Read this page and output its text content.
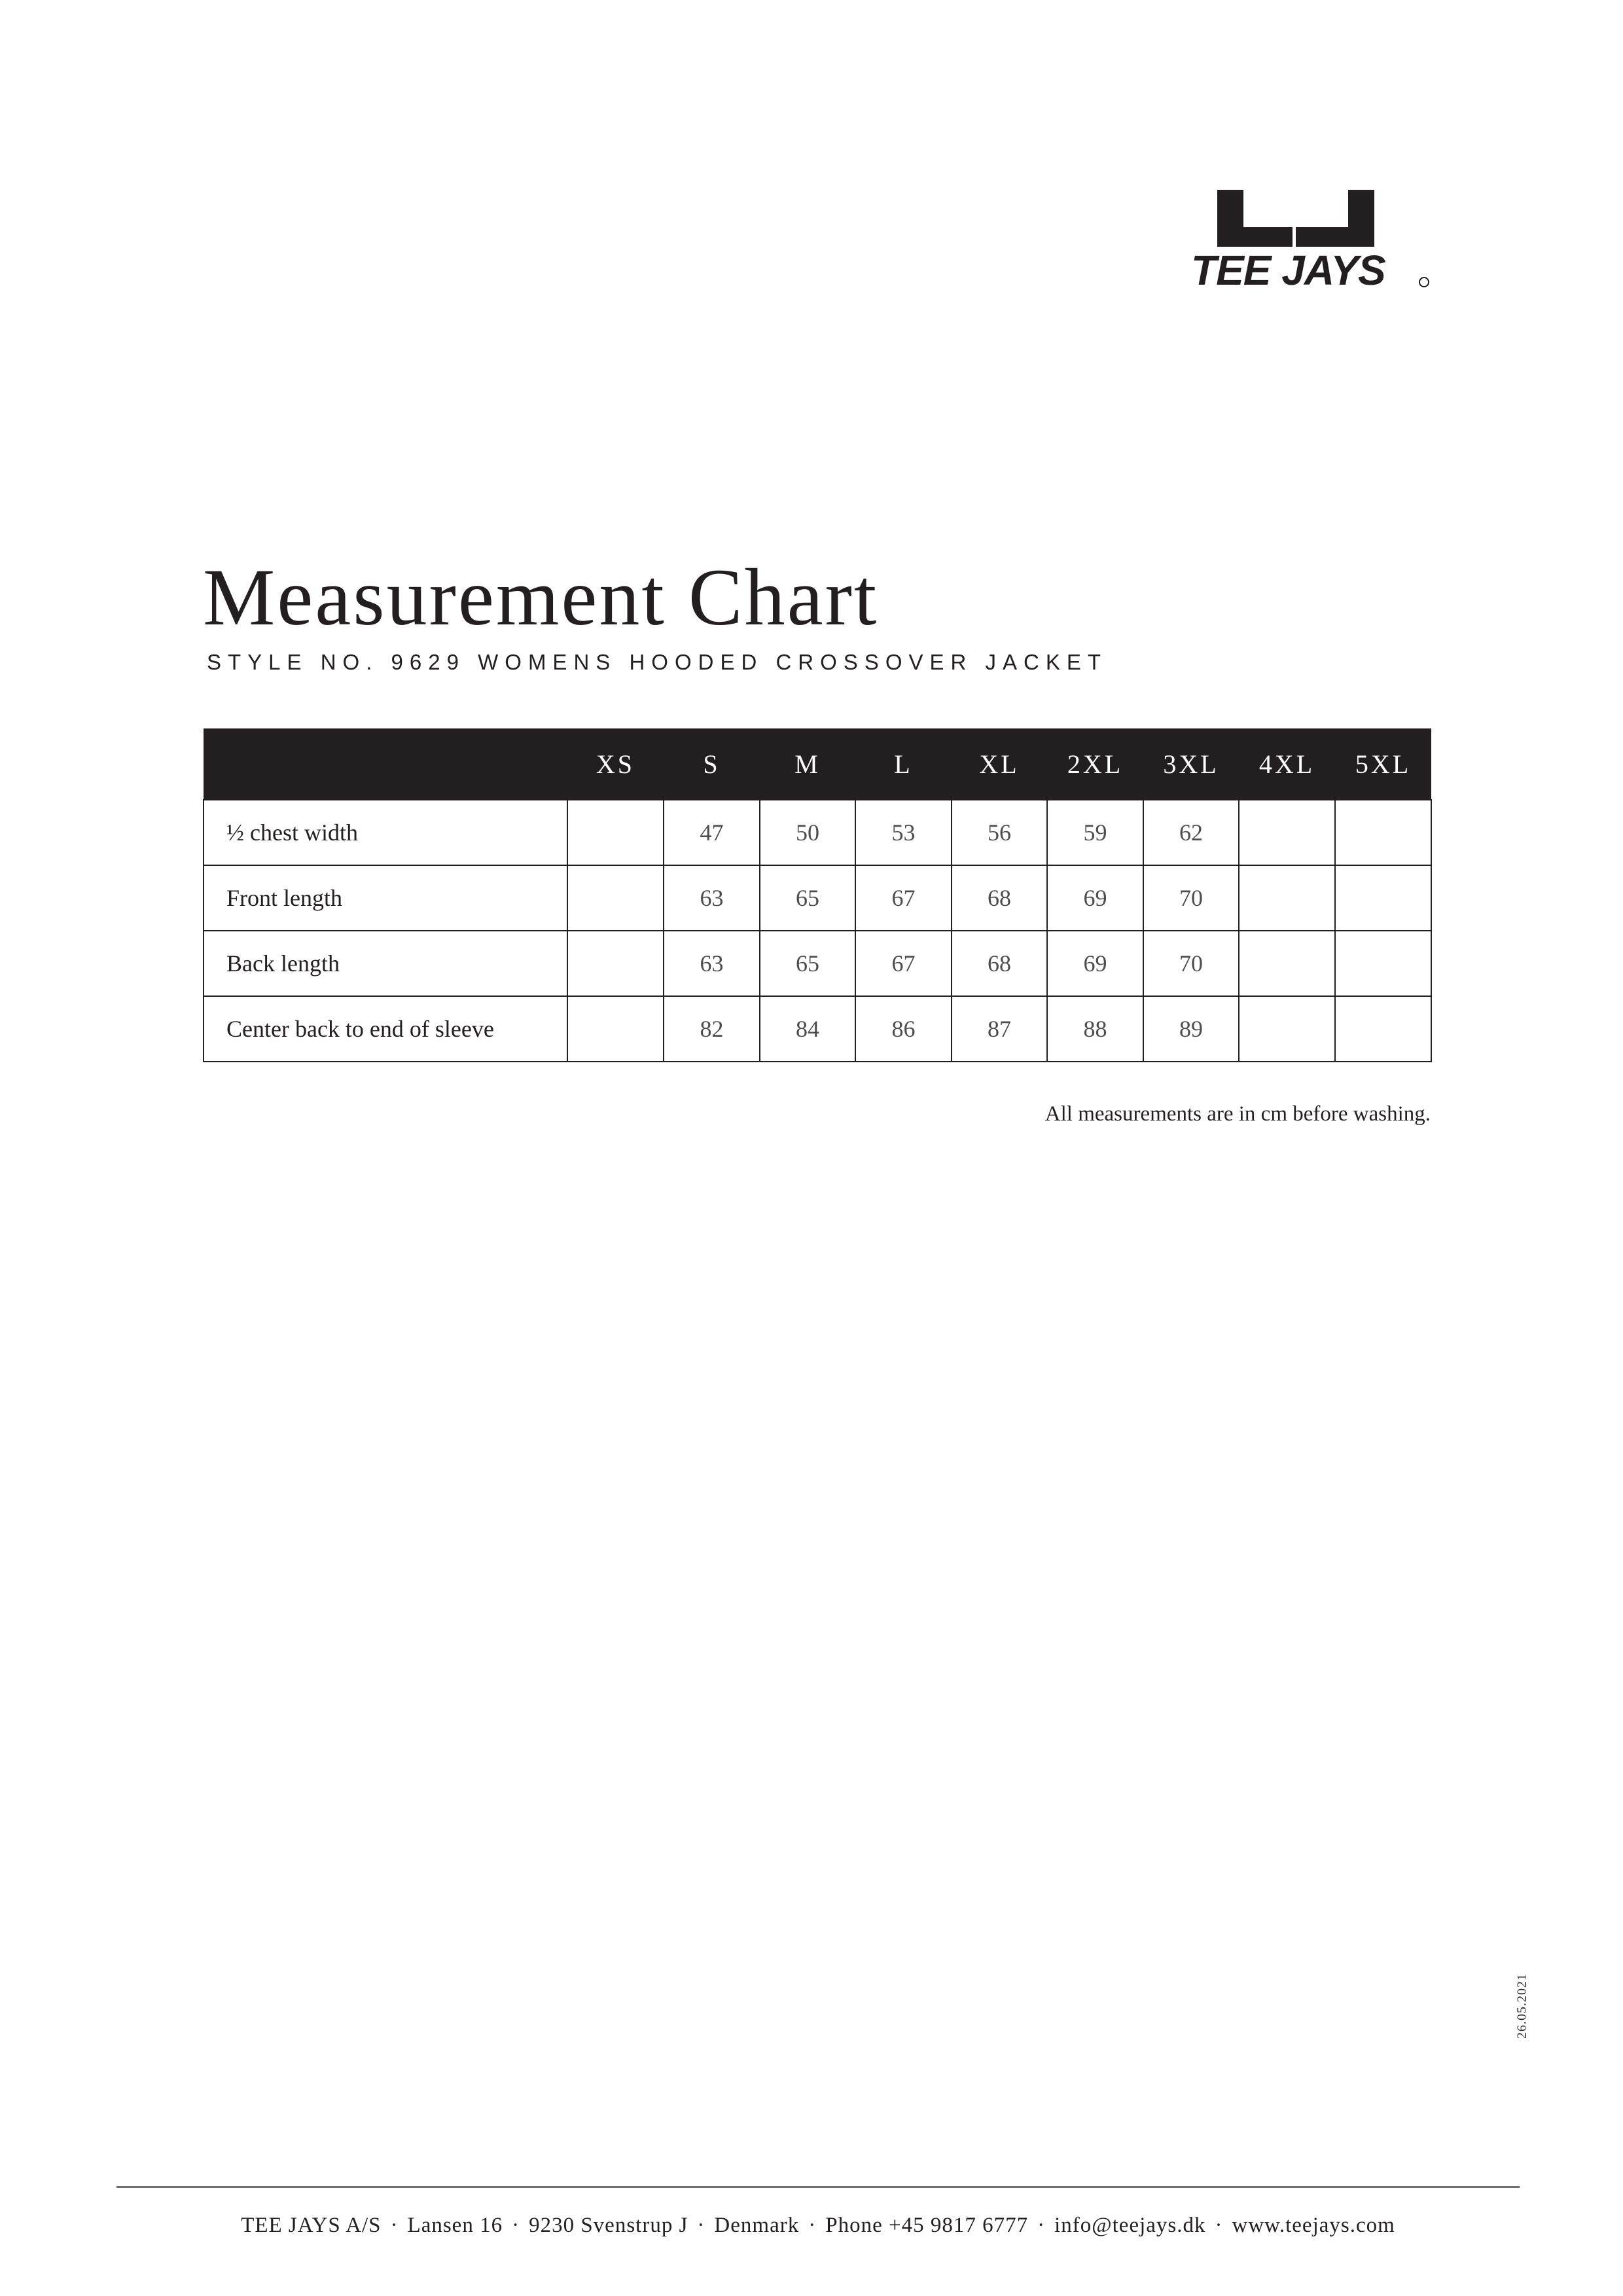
TEE JAYS
Measurement Chart
STYLE NO. 9629 WOMENS HOODED CROSSOVER JACKET
	XS	S	M	L	XL	2XL	3XL	4XL	5XL
½ chest width		47	50	53	56	59	62		
Front length		63	65	67	68	69	70		
Back length		63	65	67	68	69	70		
Center back to end of sleeve		82	84	86	87	88	89		
All measurements are in cm before washing.
26.05.2021
TEE JAYS A/S · Lansen 16 · 9230 Svenstrup J · Denmark · Phone +45 9817 6777 · info@teejays.dk · www.teejays.com
